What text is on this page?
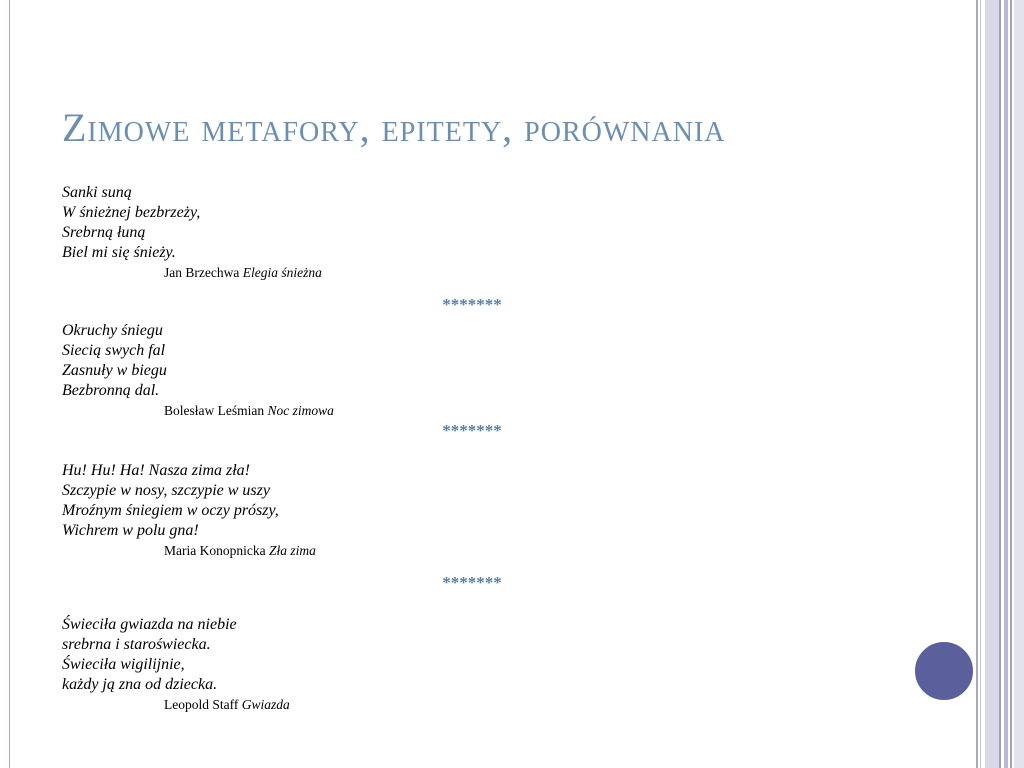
Zimowe metafory, epitety, porównania
Sanki suną
W śnieżnej bezbrzeży,
Srebrną łuną
Biel mi się śnieży.
Jan Brzechwa Elegia śnieżna
*******
Okruchy śniegu
Siecią swych fal
Zasnuły w biegu
Bezbronną dal.
Bolesław Leśmian Noc zimowa
*******
Hu! Hu! Ha! Nasza zima zła!
Szczypie w nosy, szczypie w uszy
Mroźnym śniegiem w oczy prószy,
Wichrem w polu gna!
Maria Konopnicka Zła zima
*******
Świeciła gwiazda na niebie
srebrna i staroświecka.
Świeciła wigilijnie,
każdy ją zna od dziecka.
Leopold Staff Gwiazda
